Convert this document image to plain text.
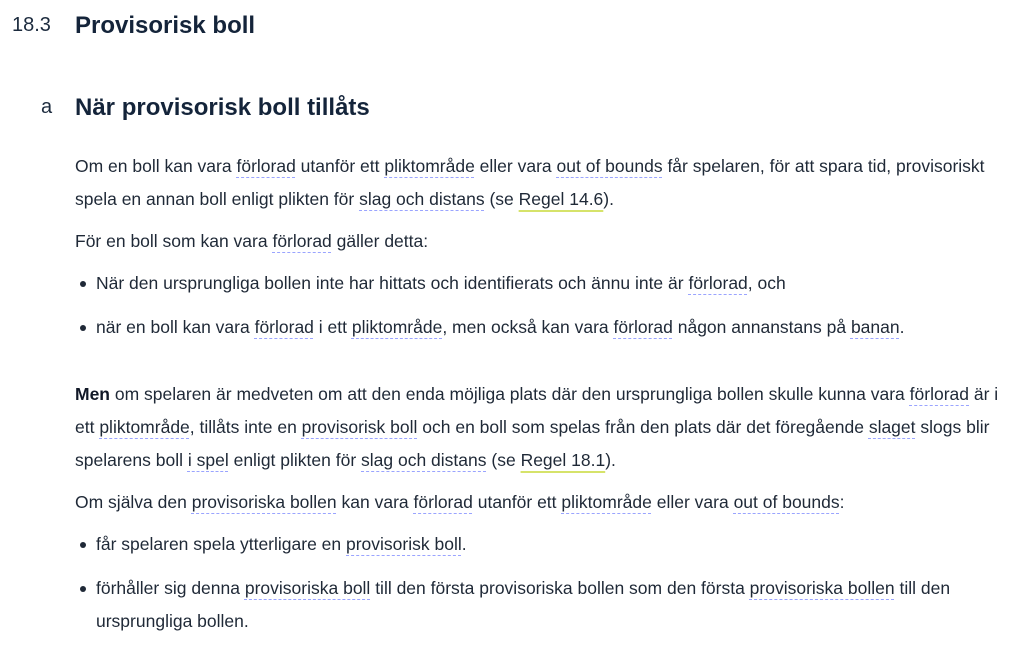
18.3 Provisorisk boll
a När provisorisk boll tillåts

Om en boll kan vara förlorad utanför ett pliktområde eller vara out of bounds får spelaren, för att spara tid, provisoriskt spela en annan boll enligt plikten för slag och distans (se Regel 14.6).

För en boll som kan vara förlorad gäller detta:

När den ursprungliga bollen inte har hittats och identifierats och ännu inte är förlorad, och
när en boll kan vara förlorad i ett pliktområde, men också kan vara förlorad någon annanstans på banan.

Men om spelaren är medveten om att den enda möjliga plats där den ursprungliga bollen skulle kunna vara förlorad är i ett pliktområde, tillåts inte en provisorisk boll och en boll som spelas från den plats där det föregående slaget slogs blir spelarens boll i spel enligt plikten för slag och distans (se Regel 18.1).

Om själva den provisoriska bollen kan vara förlorad utanför ett pliktområde eller vara out of bounds:

får spelaren spela ytterligare en provisorisk boll.
förhåller sig denna provisoriska boll till den första provisoriska bollen som den första provisoriska bollen till den ursprungliga bollen.
